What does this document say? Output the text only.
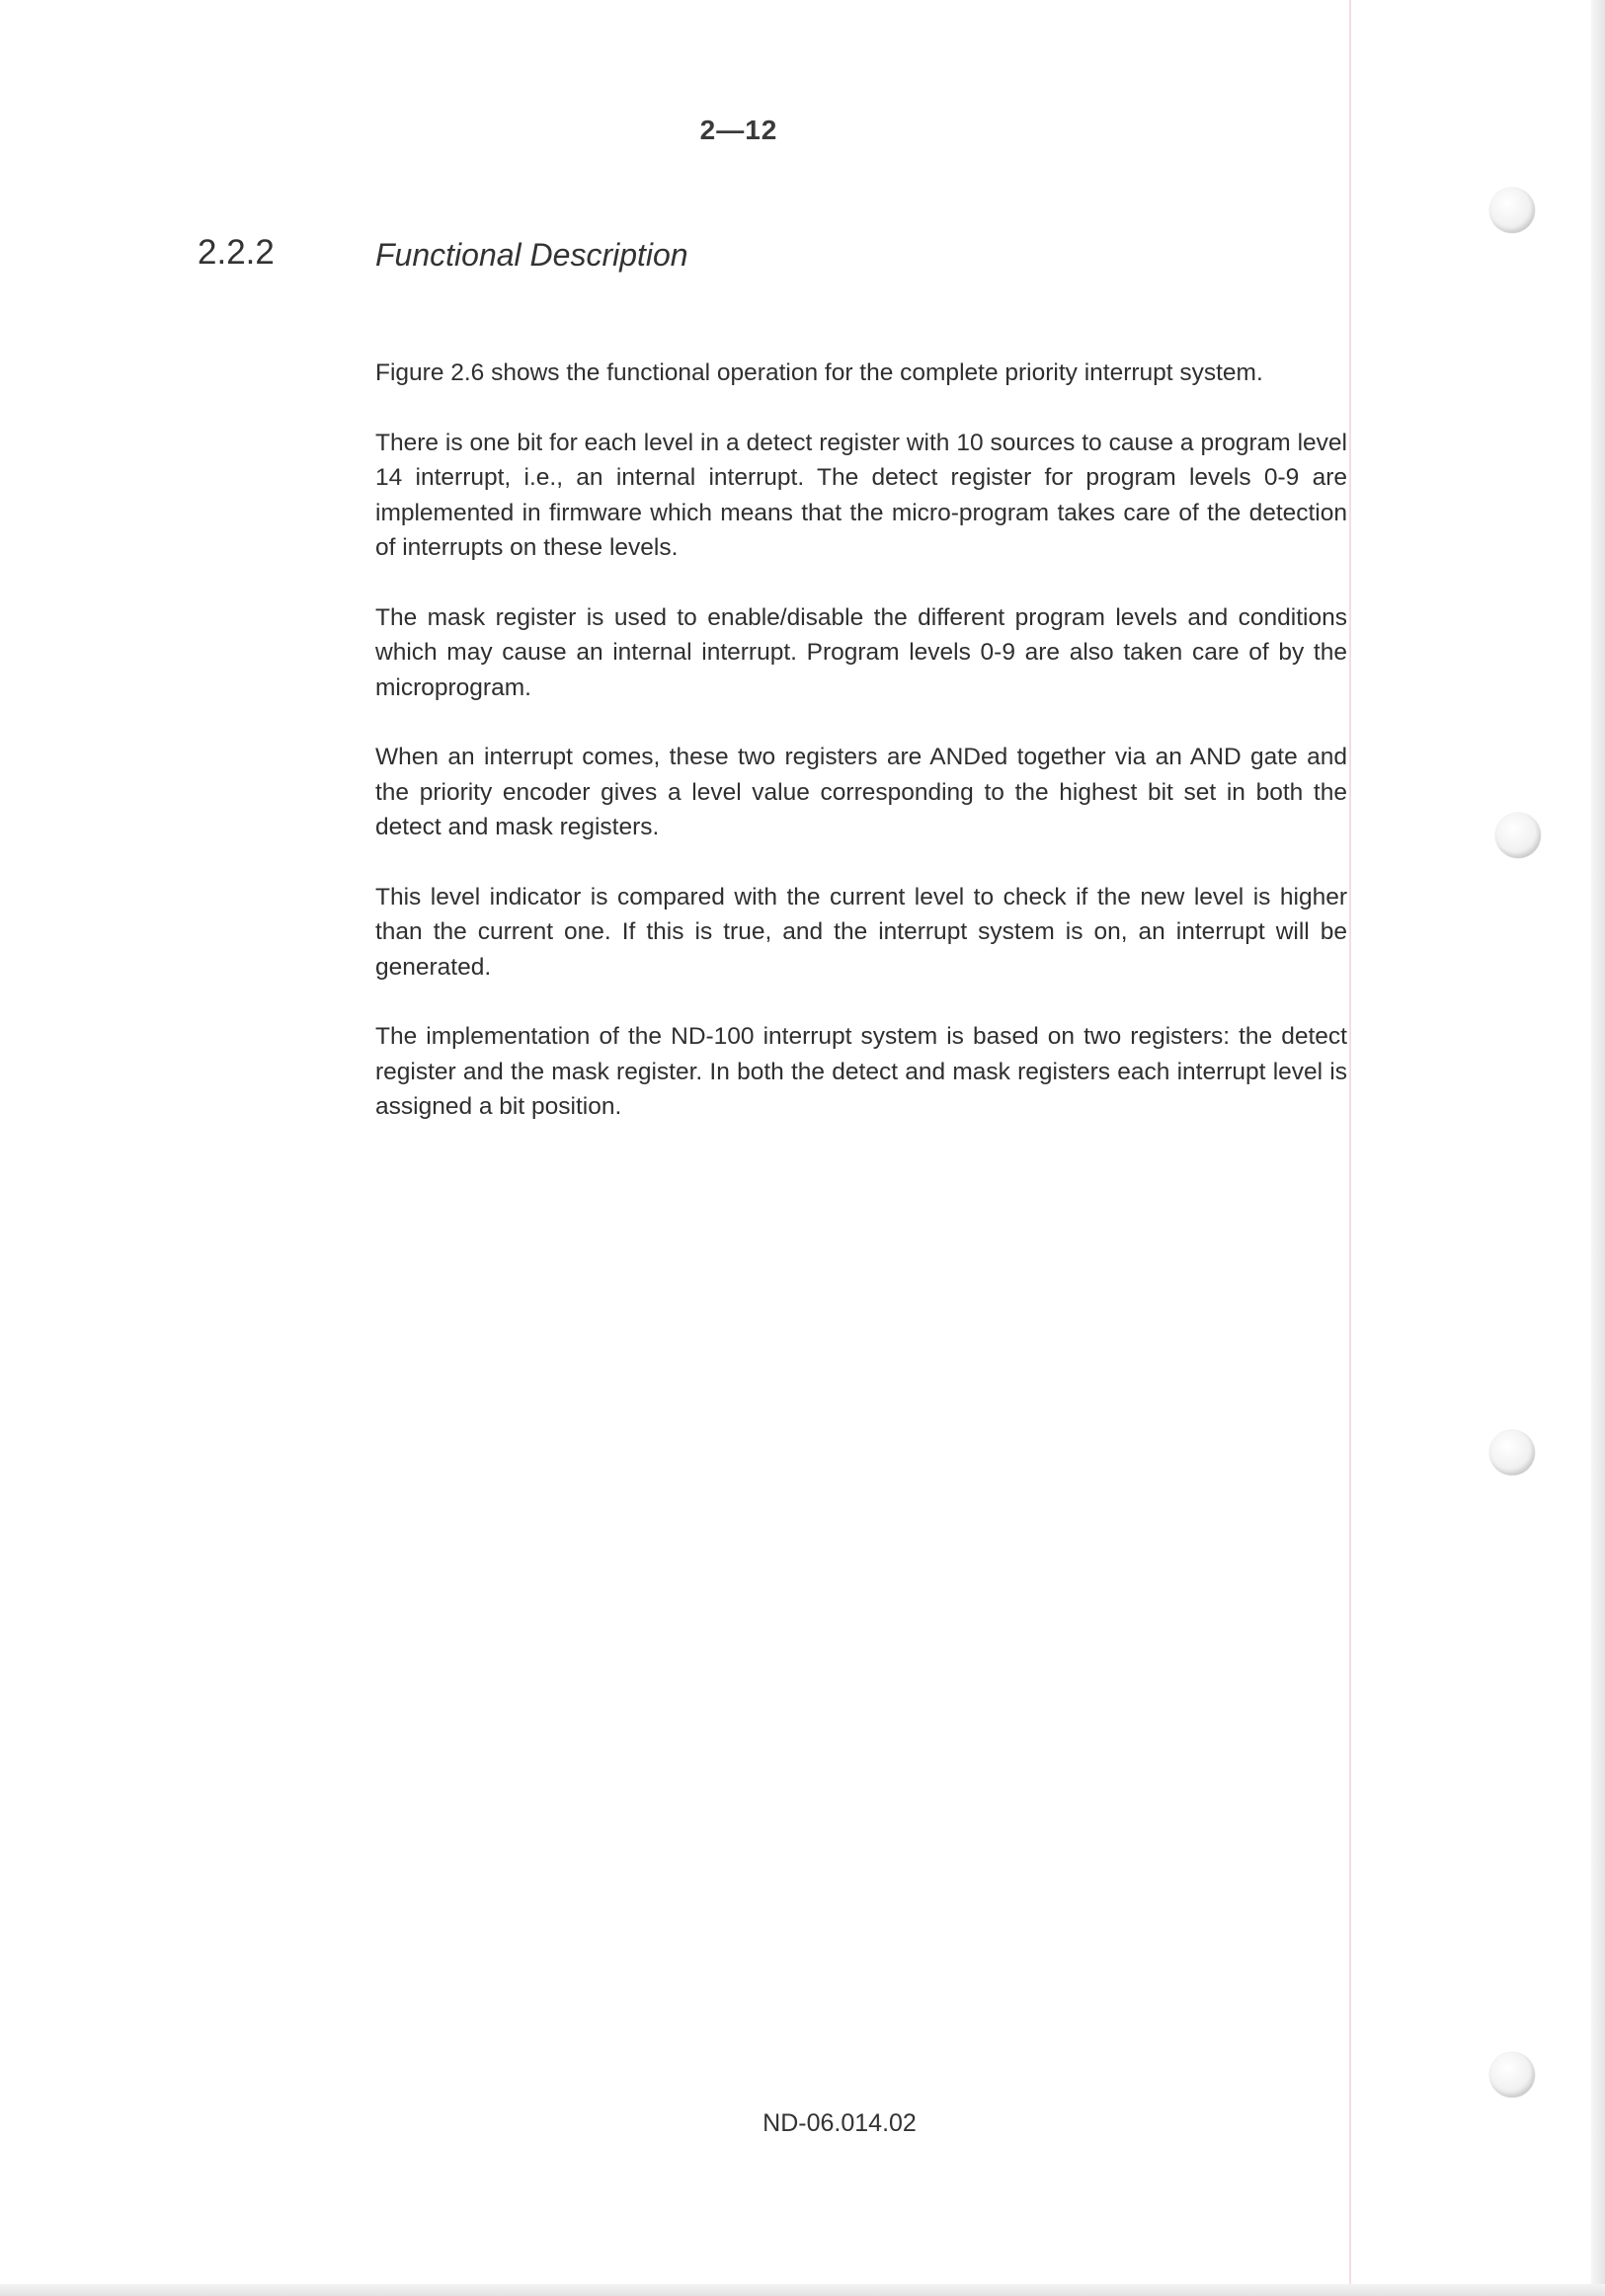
2—12
2.2.2	Functional Description

Figure 2.6 shows the functional operation for the complete priority interrupt system.

There is one bit for each level in a detect register with 10 sources to cause a program level 14 interrupt, i.e., an internal interrupt. The detect register for program levels 0-9 are implemented in firmware which means that the micro-program takes care of the detection of interrupts on these levels.

The mask register is used to enable/disable the different program levels and conditions which may cause an internal interrupt. Program levels 0-9 are also taken care of by the microprogram.

When an interrupt comes, these two registers are ANDed together via an AND gate and the priority encoder gives a level value corresponding to the highest bit set in both the detect and mask registers.

This level indicator is compared with the current level to check if the new level is higher than the current one. If this is true, and the interrupt system is on, an interrupt will be generated.

The implementation of the ND-100 interrupt system is based on two registers: the detect register and the mask register. In both the detect and mask registers each interrupt level is assigned a bit position.

ND-06.014.02
